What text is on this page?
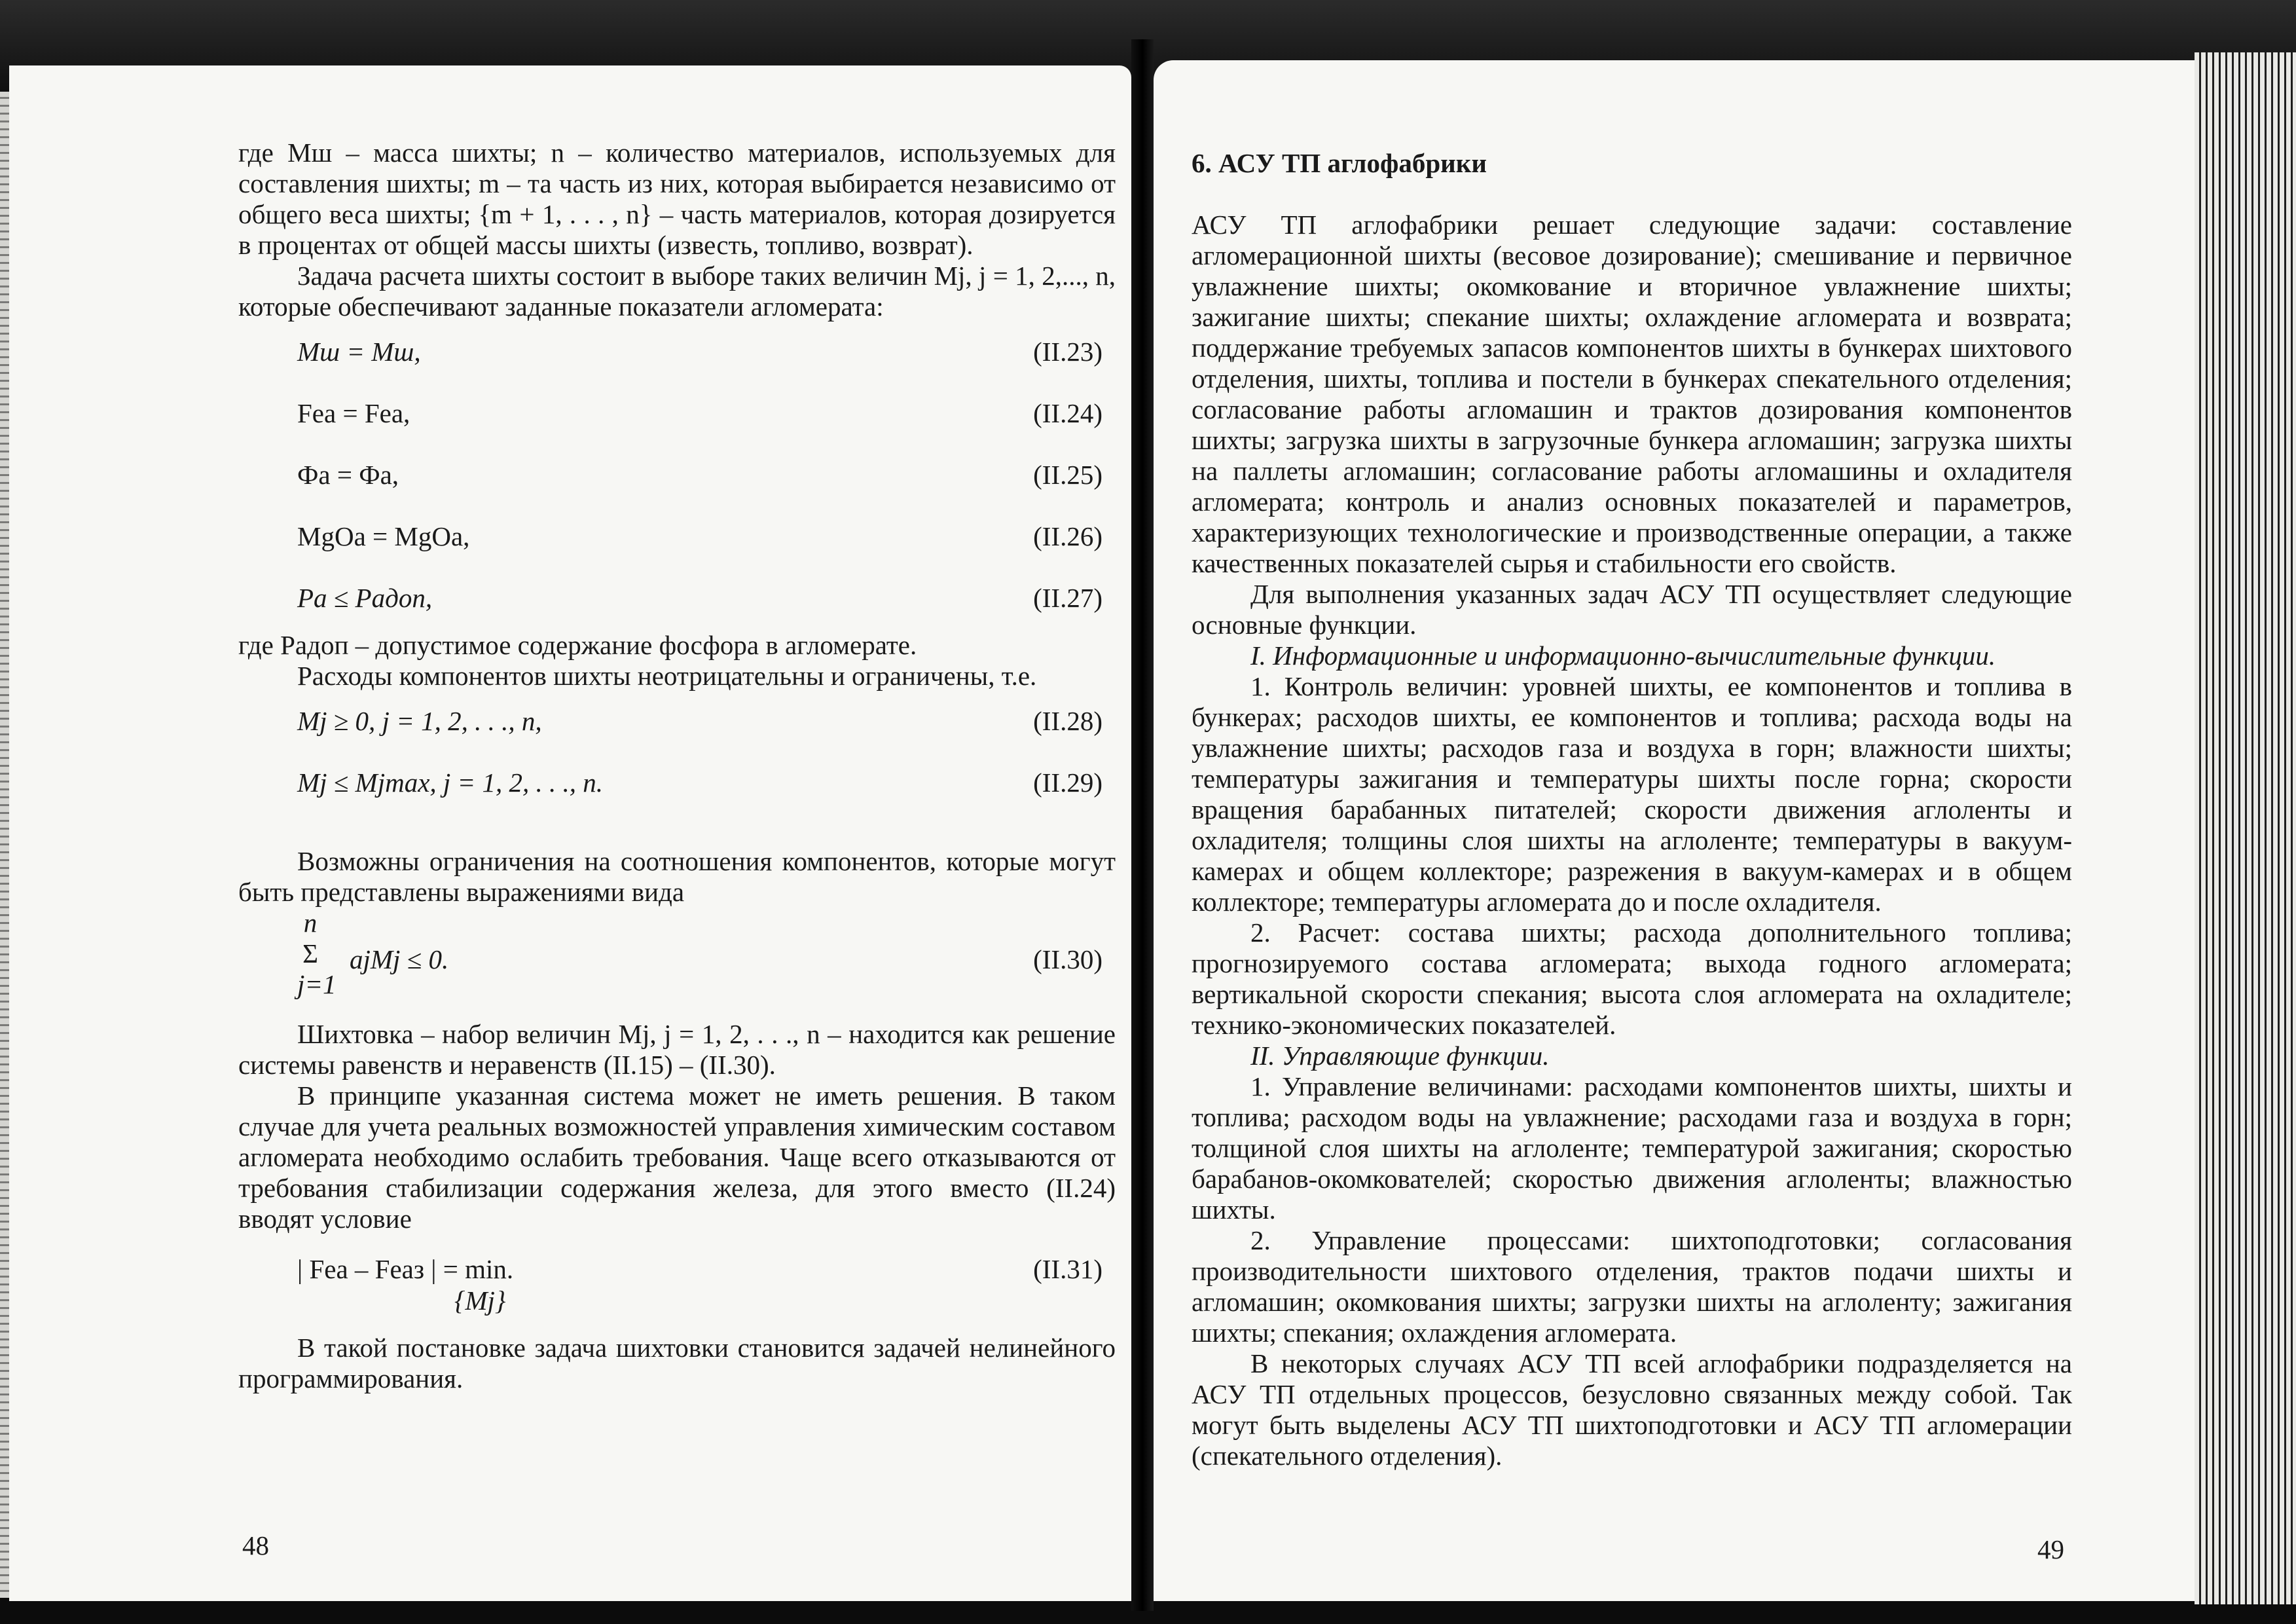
где Mш – масса шихты; n – количество материалов, используемых для составления шихты; m – та часть из них, которая выбирается независимо от общего веса шихты; {m + 1, . . . , n} – часть материалов, которая дозируется в процентах от общей массы шихты (известь, топливо, возврат).

Задача расчета шихты состоит в выборе таких величин Mj, j = 1, 2,..., n, которые обеспечивают заданные показатели агломерата:

Mш = Mш,	(II.23)
Feа = Feа,	(II.24)
Фа = Фа,	(II.25)
MgOа = MgOа,	(II.26)
Pа ≤ Pадоп,	(II.27)

где Pадоп – допустимое содержание фосфора в агломерате.

Расходы компонентов шихты неотрицательны и ограничены, т.е.

Mj ≥ 0, j = 1, 2, . . ., n,	(II.28)
Mj ≤ Mjmax, j = 1, 2, . . ., n.	(II.29)

Возможны ограничения на соотношения компонентов, которые могут быть представлены выражениями вида

n
Σ
j=1
ajMj ≤ 0.	(II.30)

Шихтовка – набор величин Mj, j = 1, 2, . . ., n – находится как решение системы равенств и неравенств (II.15) – (II.30).

В принципе указанная система может не иметь решения. В таком случае для учета реальных возможностей управления химическим составом агломерата необходимо ослабить требования. Чаще всего отказываются от требования стабилизации содержания железа, для этого вместо (II.24) вводят условие

| Feа – Feаз | = min.
{Mj}
(II.31)

В такой постановке задача шихтовки становится задачей нелинейного программирования.

48
6. АСУ ТП аглофабрики

АСУ ТП аглофабрики решает следующие задачи: составление агломерационной шихты (весовое дозирование); смешивание и первичное увлажнение шихты; окомкование и вторичное увлажнение шихты; зажигание шихты; спекание шихты; охлаждение агломерата и возврата; поддержание требуемых запасов компонентов шихты в бункерах шихтового отделения, шихты, топлива и постели в бункерах спекательного отделения; согласование работы агломашин и трактов дозирования компонентов шихты; загрузка шихты в загрузочные бункера агломашин; загрузка шихты на паллеты агломашин; согласование работы агломашины и охладителя агломерата; контроль и анализ основных показателей и параметров, характеризующих технологические и производственные операции, а также качественных показателей сырья и стабильности его свойств.

Для выполнения указанных задач АСУ ТП осуществляет следующие основные функции.

I. Информационные и информационно-вычислительные функции.

1. Контроль величин: уровней шихты, ее компонентов и топлива в бункерах; расходов шихты, ее компонентов и топлива; расхода воды на увлажнение шихты; расходов газа и воздуха в горн; влажности шихты; температуры зажигания и температуры шихты после горна; скорости вращения барабанных питателей; скорости движения аглоленты и охладителя; толщины слоя шихты на аглоленте; температуры в вакуум-камерах и общем коллекторе; разрежения в вакуум-камерах и в общем коллекторе; температуры агломерата до и после охладителя.

2. Расчет: состава шихты; расхода дополнительного топлива; прогнозируемого состава агломерата; выхода годного агломерата; вертикальной скорости спекания; высота слоя агломерата на охладителе; технико-экономических показателей.

II. Управляющие функции.

1. Управление величинами: расходами компонентов шихты, шихты и топлива; расходом воды на увлажнение; расходами газа и воздуха в горн; толщиной слоя шихты на аглоленте; температурой зажигания; скоростью барабанов-окомкователей; скоростью движения аглоленты; влажностью шихты.

2. Управление процессами: шихтоподготовки; согласования производительности шихтового отделения, трактов подачи шихты и агломашин; окомкования шихты; загрузки шихты на аглоленту; зажигания шихты; спекания; охлаждения агломерата.

В некоторых случаях АСУ ТП всей аглофабрики подразделяется на АСУ ТП отдельных процессов, безусловно связанных между собой. Так могут быть выделены АСУ ТП шихтоподготовки и АСУ ТП агломерации (спекательного отделения).

49
